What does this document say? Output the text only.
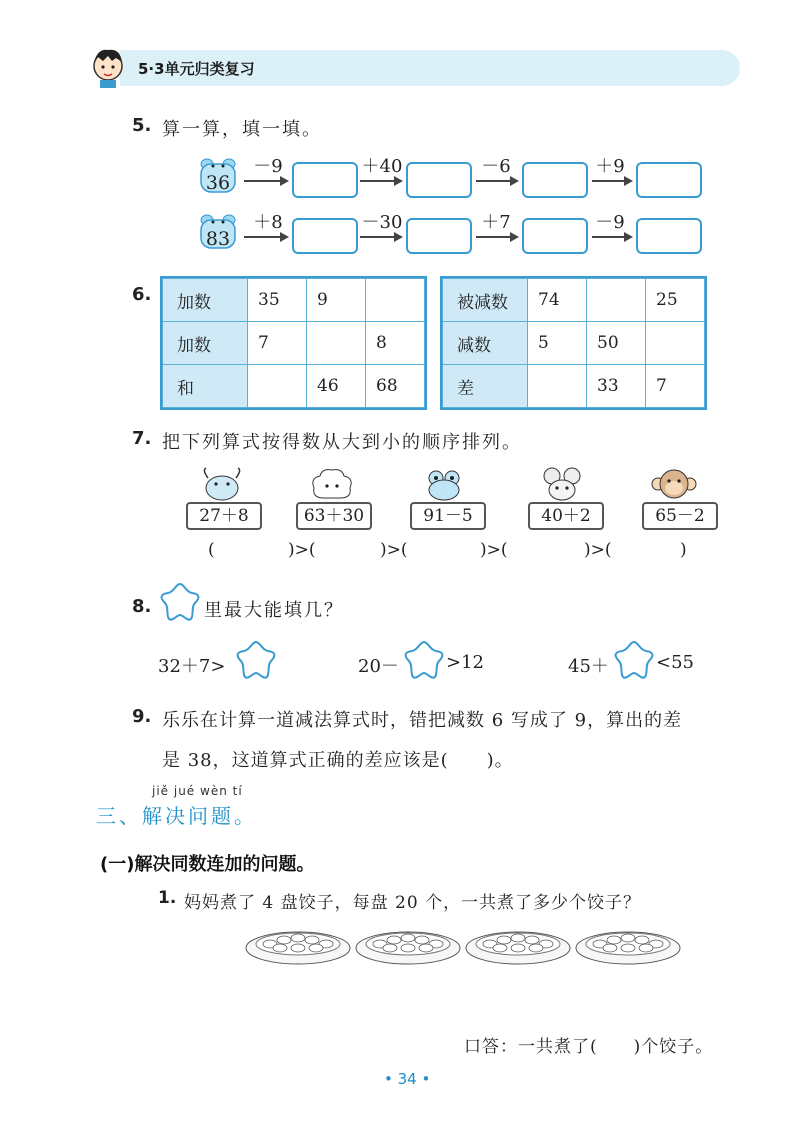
5·3单元归类复习
5. 算一算，填一填。
36
－9	＋40	－6	＋9
83
＋8	－30	＋7	－9
6. 加数	35	9	
加数	7		8
和		46	68
被减数	74		25
减数	5	50	
差		33	7
7. 把下列算式按得数从大到小的顺序排列。
27＋8	63＋30	91－5	40＋2	65－2
(	)>(	)>(	)>(	)>(	)
8.	里最大能填几？
32＋7>	20－	>12	45＋	<55
9. 乐乐在计算一道减法算式时，错把减数 6 写成了 9，算出的差
是 38，这道算式正确的差应该是(　　)。
jiě jué wèn tí
三、解决问题。
(一)解决同数连加的问题。
1. 妈妈煮了 4 盘饺子，每盘 20 个，一共煮了多少个饺子？
口答：一共煮了(　　)个饺子。
• 34 •
